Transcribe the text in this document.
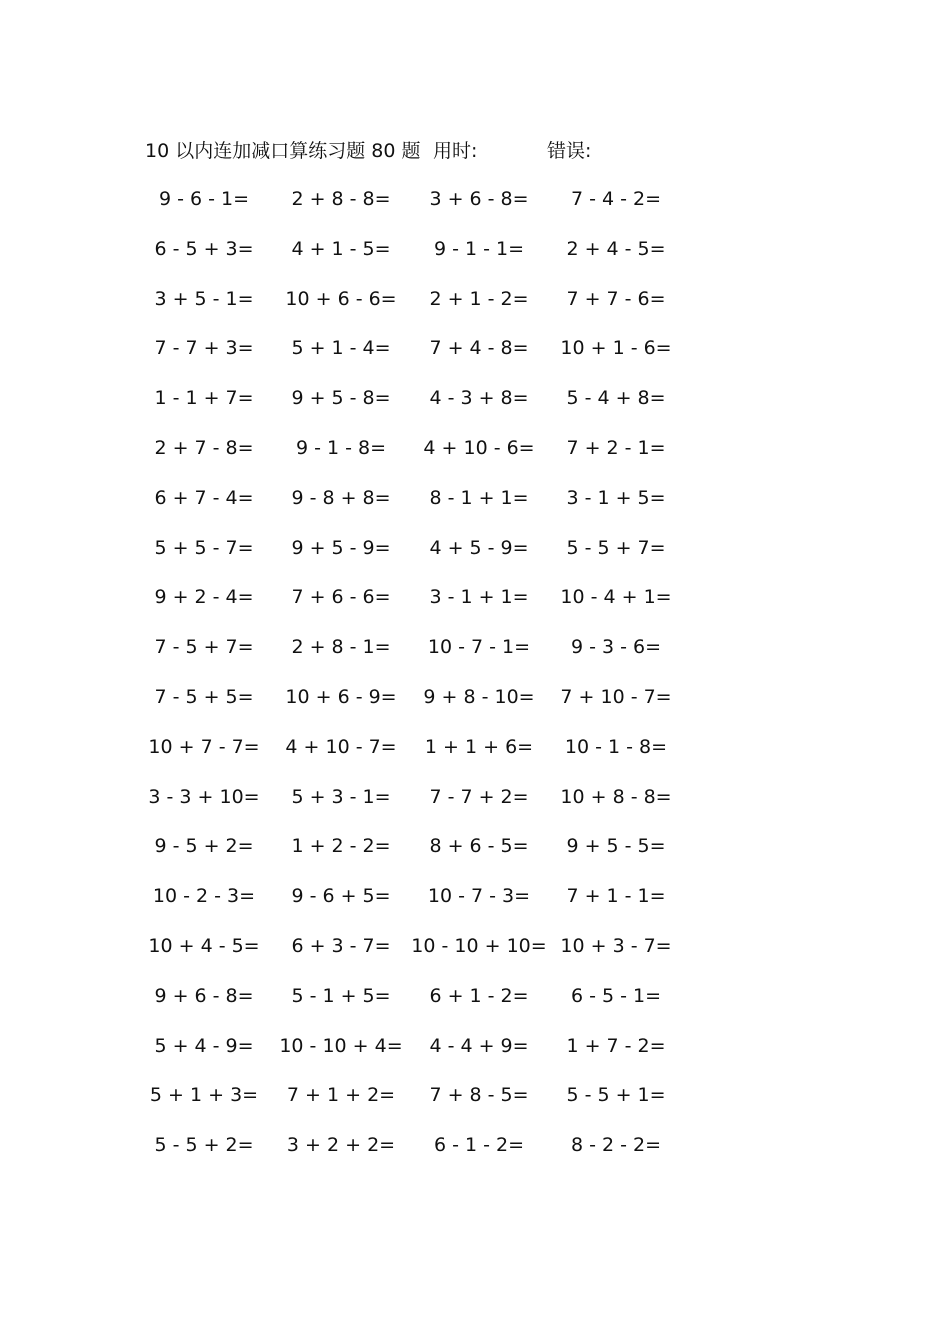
10 以内连加减口算练习题 80 题 用时:	错误:
9 - 6 - 1=	2 + 8 - 8=	3 + 6 - 8=	7 - 4 - 2=
6 - 5 + 3=	4 + 1 - 5=	9 - 1 - 1=	2 + 4 - 5=
3 + 5 - 1=	10 + 6 - 6=	2 + 1 - 2=	7 + 7 - 6=
7 - 7 + 3=	5 + 1 - 4=	7 + 4 - 8=	10 + 1 - 6=
1 - 1 + 7=	9 + 5 - 8=	4 - 3 + 8=	5 - 4 + 8=
2 + 7 - 8=	9 - 1 - 8=	4 + 10 - 6=	7 + 2 - 1=
6 + 7 - 4=	9 - 8 + 8=	8 - 1 + 1=	3 - 1 + 5=
5 + 5 - 7=	9 + 5 - 9=	4 + 5 - 9=	5 - 5 + 7=
9 + 2 - 4=	7 + 6 - 6=	3 - 1 + 1=	10 - 4 + 1=
7 - 5 + 7=	2 + 8 - 1=	10 - 7 - 1=	9 - 3 - 6=
7 - 5 + 5=	10 + 6 - 9=	9 + 8 - 10=	7 + 10 - 7=
10 + 7 - 7=	4 + 10 - 7=	1 + 1 + 6=	10 - 1 - 8=
3 - 3 + 10=	5 + 3 - 1=	7 - 7 + 2=	10 + 8 - 8=
9 - 5 + 2=	1 + 2 - 2=	8 + 6 - 5=	9 + 5 - 5=
10 - 2 - 3=	9 - 6 + 5=	10 - 7 - 3=	7 + 1 - 1=
10 + 4 - 5=	6 + 3 - 7=	10 - 10 + 10= 10 + 3 - 7=
9 + 6 - 8=	5 - 1 + 5=	6 + 1 - 2=	6 - 5 - 1=
5 + 4 - 9=	10 - 10 + 4=	4 - 4 + 9=	1 + 7 - 2=
5 + 1 + 3=	7 + 1 + 2=	7 + 8 - 5=	5 - 5 + 1=
5 - 5 + 2=	3 + 2 + 2=	6 - 1 - 2=	8 - 2 - 2=
